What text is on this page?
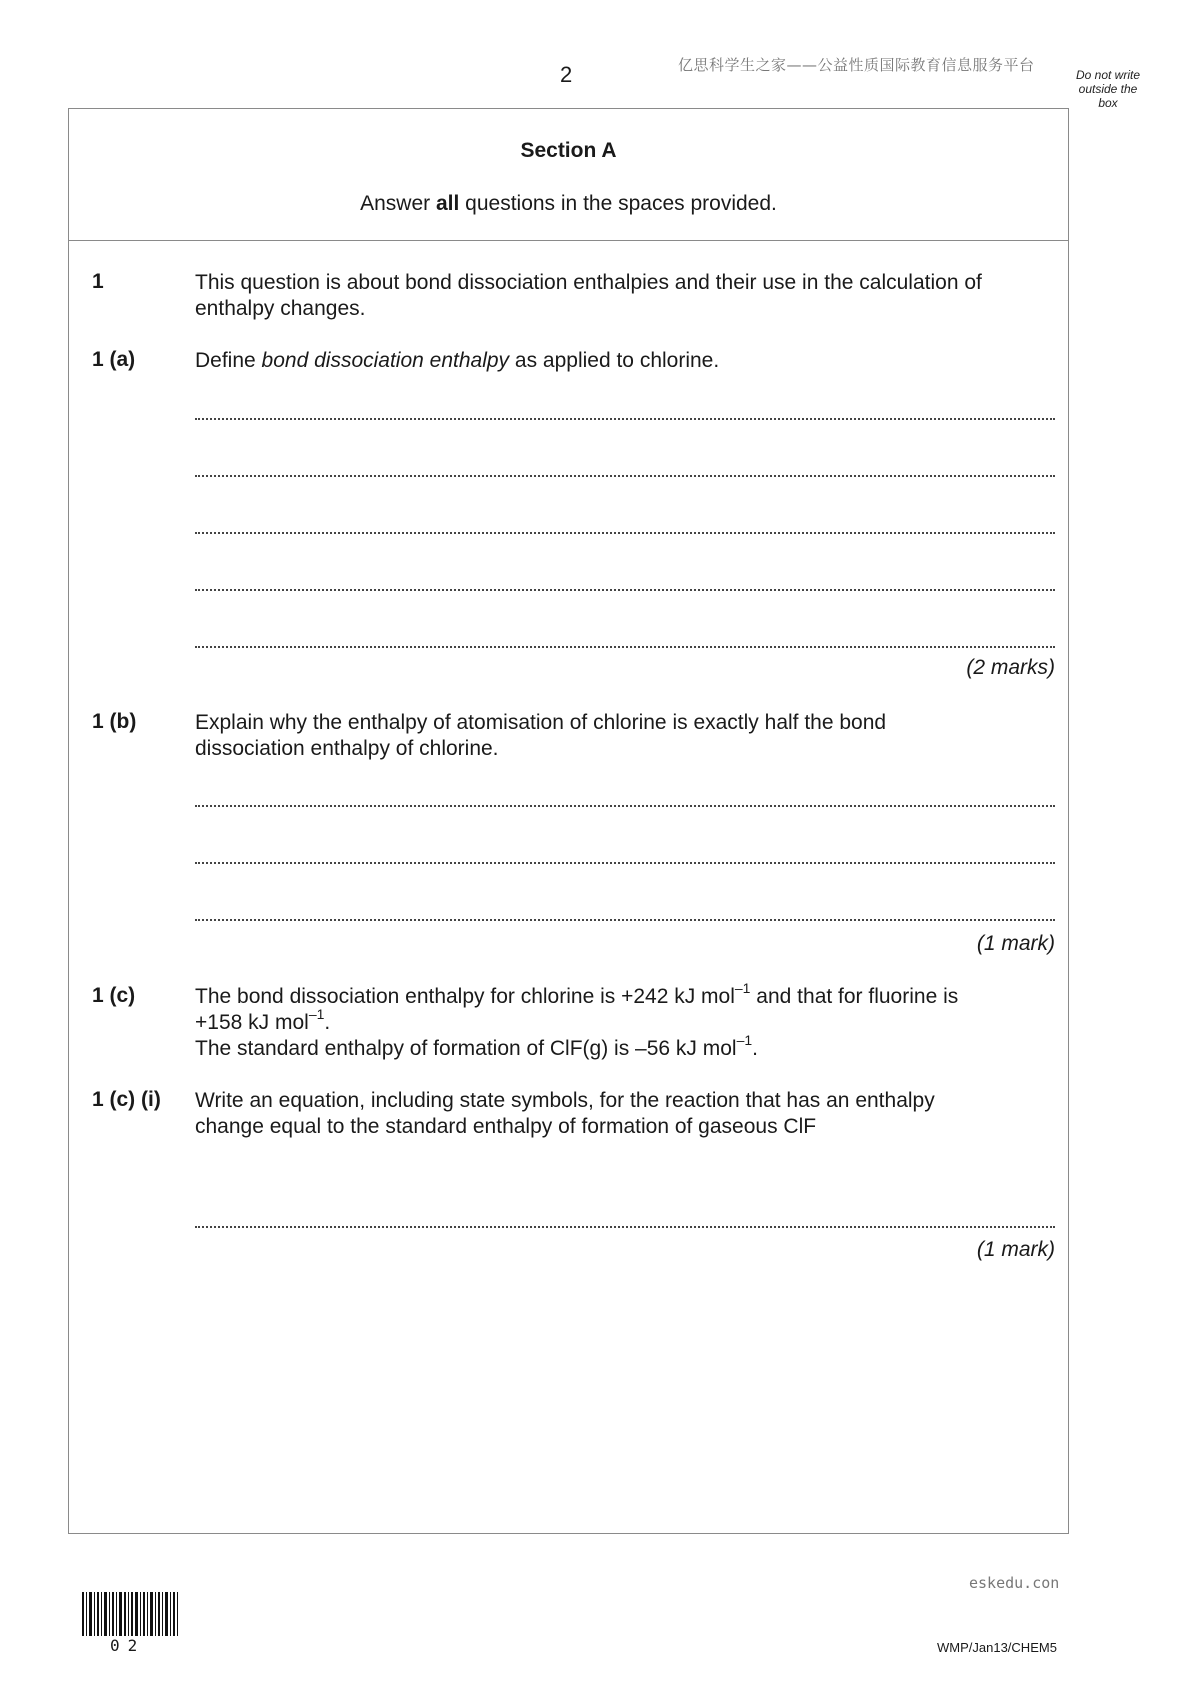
2	亿思科学生之家——公益性质国际教育信息服务平台
Do not write outside the box
Section A
Answer all questions in the spaces provided.
1	This question is about bond dissociation enthalpies and their use in the calculation of enthalpy changes.
1 (a)	Define bond dissociation enthalpy as applied to chlorine.
(2 marks)
1 (b)	Explain why the enthalpy of atomisation of chlorine is exactly half the bond
dissociation enthalpy of chlorine.
(1 mark)
1 (c)	The bond dissociation enthalpy for chlorine is +242 kJ mol$^{-1}$ and that for fluorine is
+158 kJ mol$^{-1}$.
The standard enthalpy of formation of ClF(g) is –56 kJ mol$^{-1}$.
1 (c) (i) Write an equation, including state symbols, for the reaction that has an enthalpy
change equal to the standard enthalpy of formation of gaseous ClF
(1 mark)
eskedu.con
02	WMP/Jan13/CHEM5
